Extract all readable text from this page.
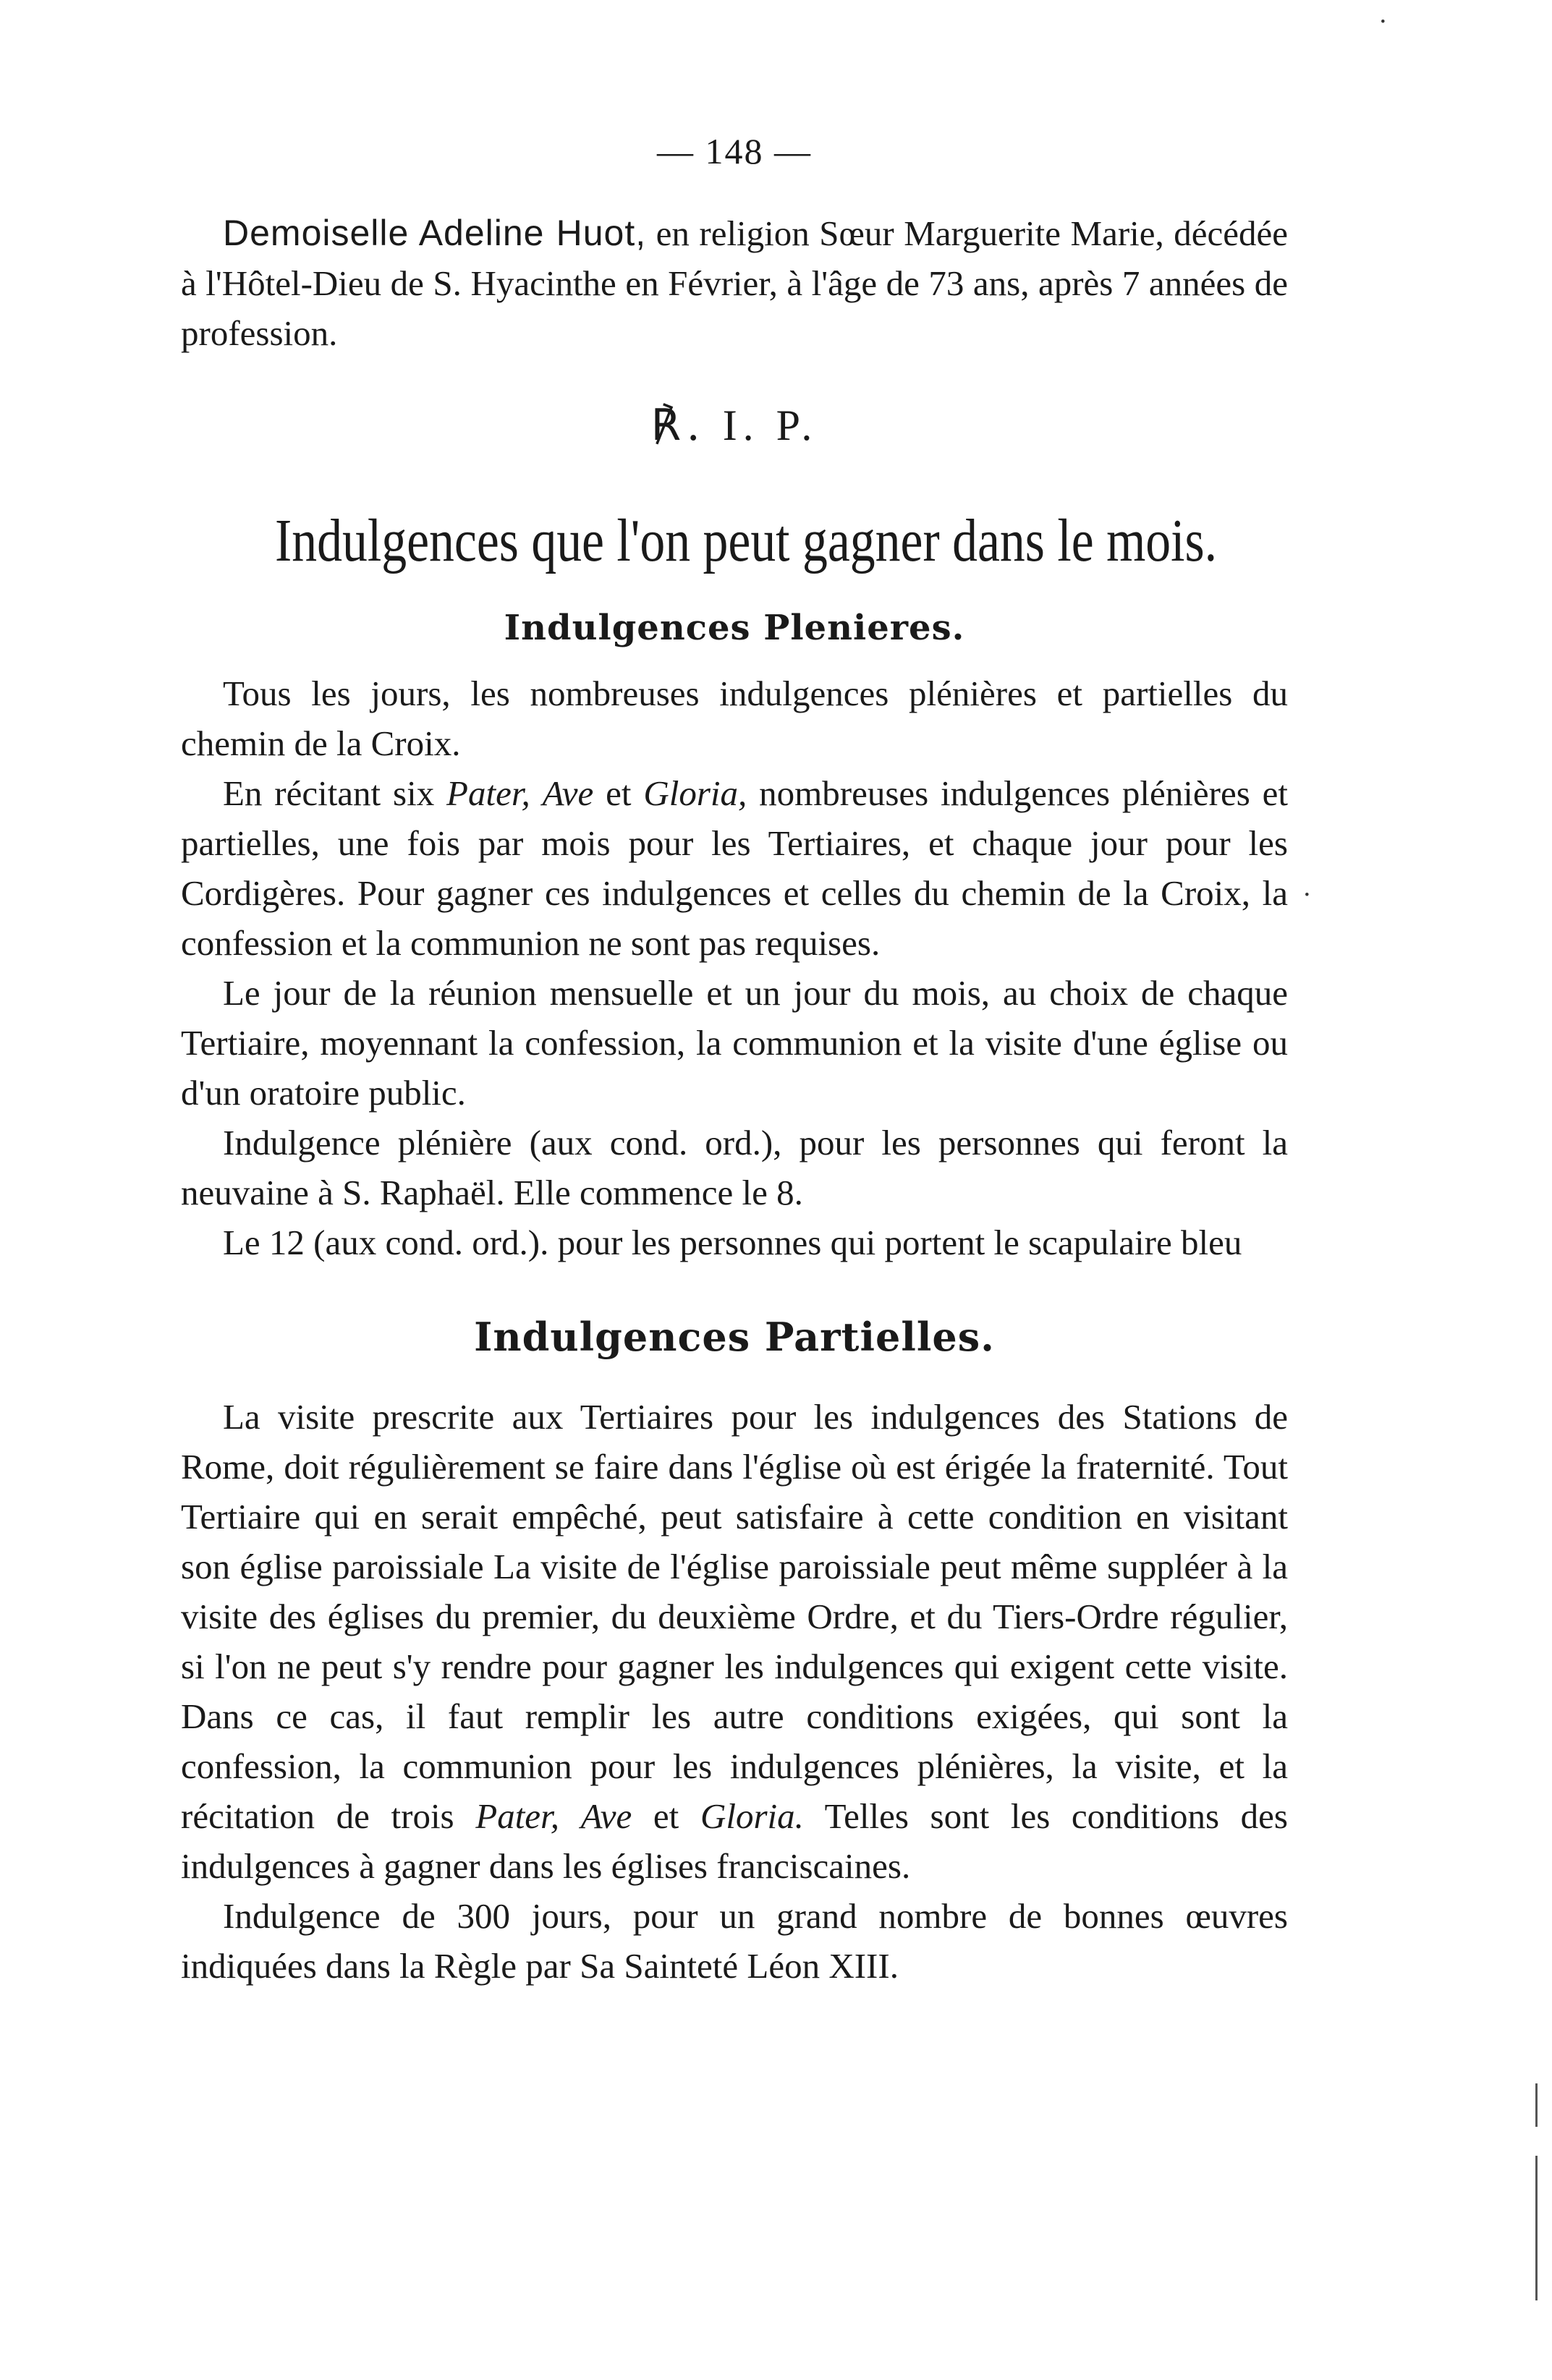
— 148 —

Demoiselle Adeline Huot, en religion Sœur Marguerite Marie, décédée à l'Hôtel-Dieu de S. Hyacinthe en Février, à l'âge de 73 ans, après 7 années de profession.

℟. I. P.
Indulgences que l'on peut gagner dans le mois.
Indulgences Plenieres.

Tous les jours, les nombreuses indulgences plénières et partielles du chemin de la Croix.

En récitant six Pater, Ave et Gloria, nombreuses indulgences plénières et partielles, une fois par mois pour les Tertiaires, et chaque jour pour les Cordigères. Pour gagner ces indulgences et celles du chemin de la Croix, la confession et la communion ne sont pas requises.

Le jour de la réunion mensuelle et un jour du mois, au choix de chaque Tertiaire, moyennant la confession, la communion et la visite d'une église ou d'un oratoire public.

Indulgence plénière (aux cond. ord.), pour les personnes qui feront la neuvaine à S. Raphaël. Elle commence le 8.

Le 12 (aux cond. ord.). pour les personnes qui portent le scapulaire bleu

Indulgences Partielles.

La visite prescrite aux Tertiaires pour les indulgences des Stations de Rome, doit régulièrement se faire dans l'église où est érigée la fraternité. Tout Tertiaire qui en serait empêché, peut satisfaire à cette condition en visitant son église paroissiale La visite de l'église paroissiale peut même suppléer à la visite des églises du premier, du deuxième Ordre, et du Tiers-Ordre régulier, si l'on ne peut s'y rendre pour gagner les indulgences qui exigent cette visite. Dans ce cas, il faut remplir les autre conditions exigées, qui sont la confession, la communion pour les indulgences plénières, la visite, et la récitation de trois Pater, Ave et Gloria. Telles sont les conditions des indulgences à gagner dans les églises franciscaines.

Indulgence de 300 jours, pour un grand nombre de bonnes œuvres indiquées dans la Règle par Sa Sainteté Léon XIII.

·
·
